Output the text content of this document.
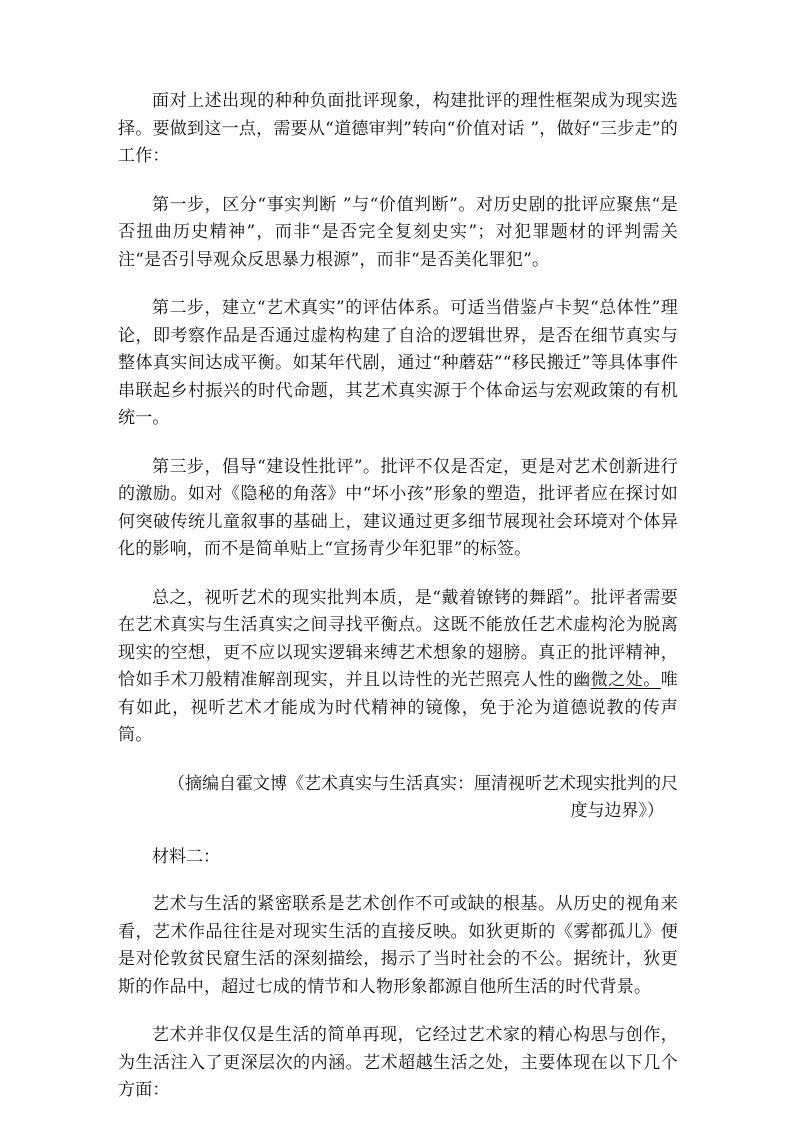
面对上述出现的种种负面批评现象，构建批评的理性框架成为现实选择。要做到这一点，需要从“道德审判”转向“价值对话 ”，做好“三步走”的工作：

第一步，区分“事实判断 ”与“价值判断”。对历史剧的批评应聚焦“是否扭曲历史精神”，而非“是否完全复刻史实”；对犯罪题材的评判需关注“是否引导观众反思暴力根源”，而非“是否美化罪犯”。

第二步，建立“艺术真实”的评估体系。可适当借鉴卢卡契“总体性”理论，即考察作品是否通过虚构构建了自洽的逻辑世界，是否在细节真实与整体真实间达成平衡。如某年代剧，通过“种蘑菇”“移民搬迁”等具体事件串联起乡村振兴的时代命题，其艺术真实源于个体命运与宏观政策的有机统一。

第三步，倡导“建设性批评”。批评不仅是否定，更是对艺术创新进行的激励。如对《隐秘的角落》中“坏小孩”形象的塑造，批评者应在探讨如何突破传统儿童叙事的基础上，建议通过更多细节展现社会环境对个体异化的影响，而不是简单贴上“宣扬青少年犯罪”的标签。

总之，视听艺术的现实批判本质，是“戴着镣铐的舞蹈”。批评者需要在艺术真实与生活真实之间寻找平衡点。这既不能放任艺术虚构沦为脱离现实的空想，更不应以现实逻辑来缚艺术想象的翅膀。真正的批评精神，恰如手术刀般精准解剖现实，并且以诗性的光芒照亮人性的幽微之处。唯有如此，视听艺术才能成为时代精神的镜像，免于沦为道德说教的传声筒。

（摘编自霍文博《艺术真实与生活真实：厘清视听艺术现实批判的尺
度与边界》）

材料二：

艺术与生活的紧密联系是艺术创作不可或缺的根基。从历史的视角来看，艺术作品往往是对现实生活的直接反映。如狄更斯的《雾都孤儿》便是对伦敦贫民窟生活的深刻描绘，揭示了当时社会的不公。据统计，狄更斯的作品中，超过七成的情节和人物形象都源自他所生活的时代背景。

艺术并非仅仅是生活的简单再现，它经过艺术家的精心构思与创作，为生活注入了更深层次的内涵。艺术超越生活之处，主要体现在以下几个方面：
